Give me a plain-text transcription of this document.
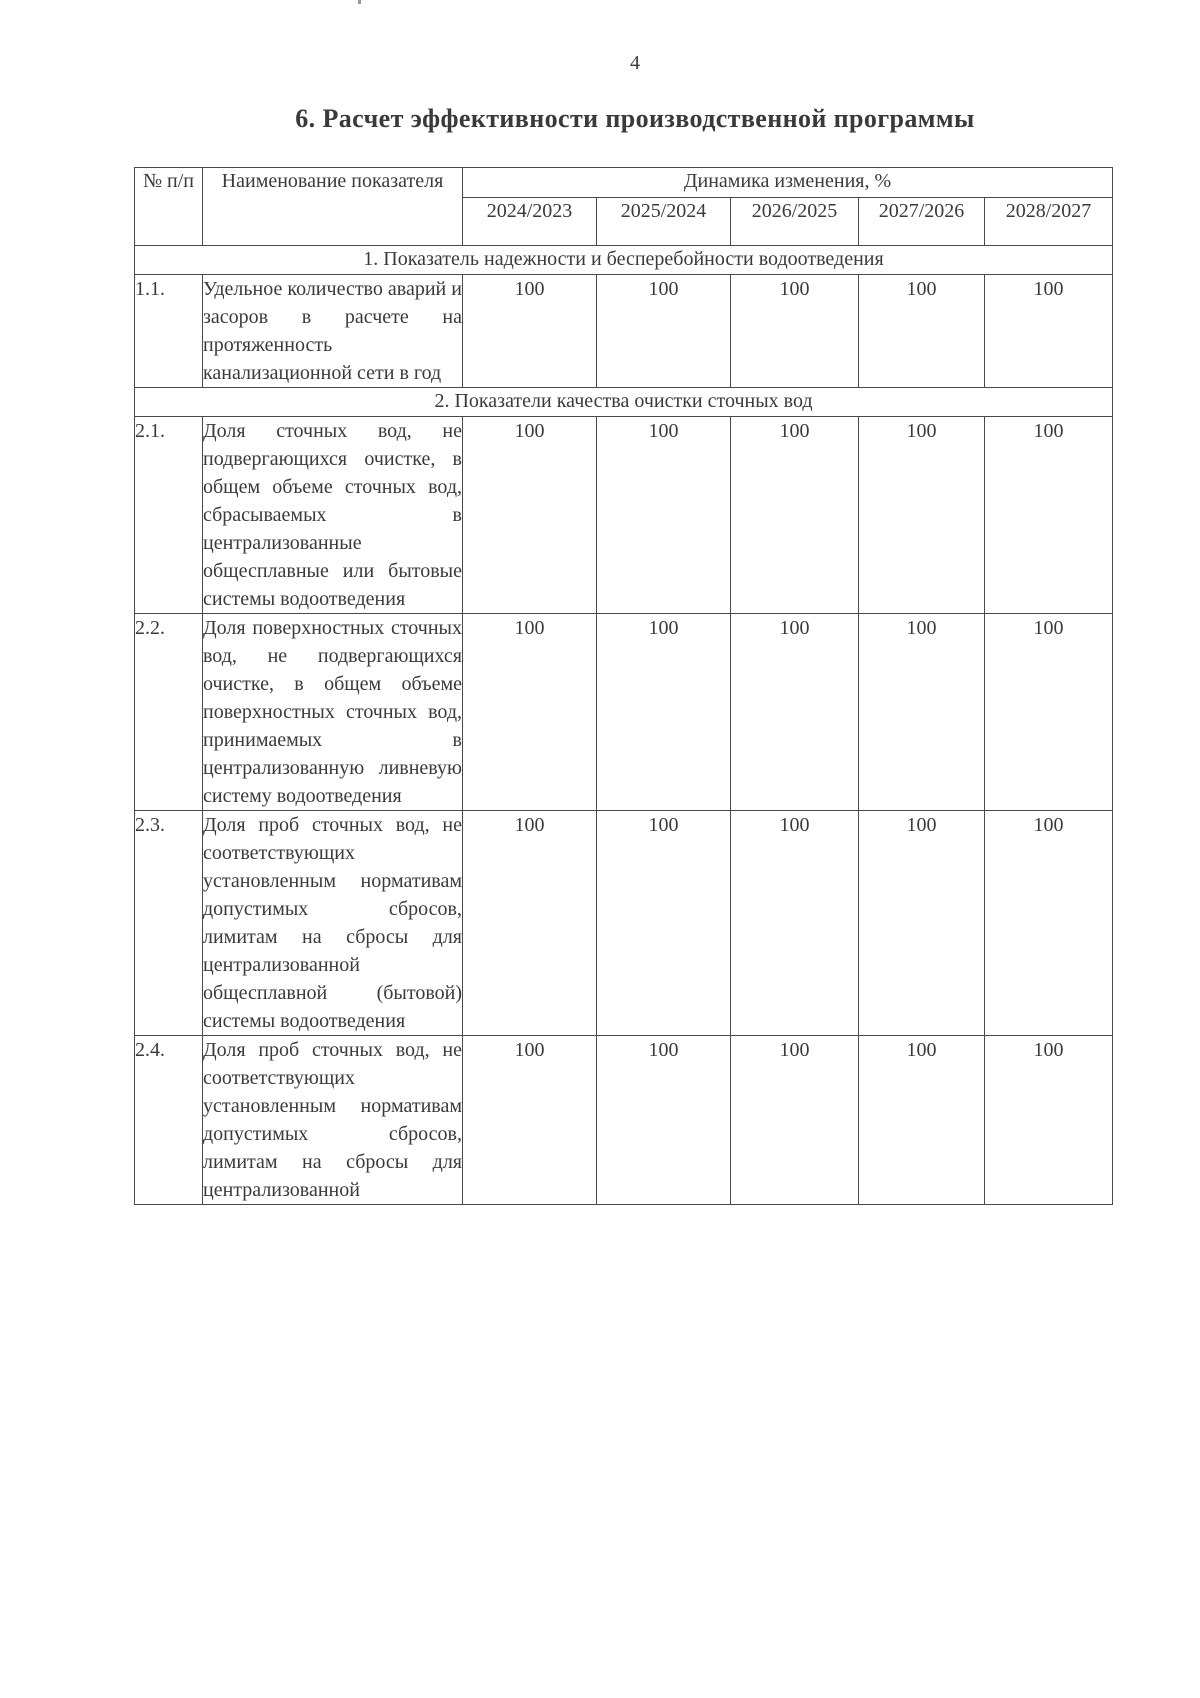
4
6. Расчет эффективности производственной программы
№ п/п	Наименование показателя	Динамика изменения, %				
		2024/2023	2025/2024	2026/2025	2027/2026	2028/2027
1. Показатель надежности и бесперебойности водоотведения						
1.1.	Удельное количество аварий и засоров в расчете на протяженность канализационной сети в год	100	100	100	100	100
2. Показатели качества очистки сточных вод						
2.1.	Доля сточных вод, не подвергающихся очистке, в общем объеме сточных вод, сбрасываемых в централизованные общесплавные или бытовые системы водоотведения	100	100	100	100	100
2.2.	Доля поверхностных сточных вод, не подвергающихся очистке, в общем объеме поверхностных сточных вод, принимаемых в централизованную ливневую систему водоотведения	100	100	100	100	100
2.3.	Доля проб сточных вод, не соответствующих установленным нормативам допустимых сбросов, лимитам на сбросы для централизованной общесплавной (бытовой) системы водоотведения	100	100	100	100	100
2.4.	Доля проб сточных вод, не соответствующих установленным нормативам допустимых сбросов, лимитам на сбросы для централизованной	100	100	100	100	100
